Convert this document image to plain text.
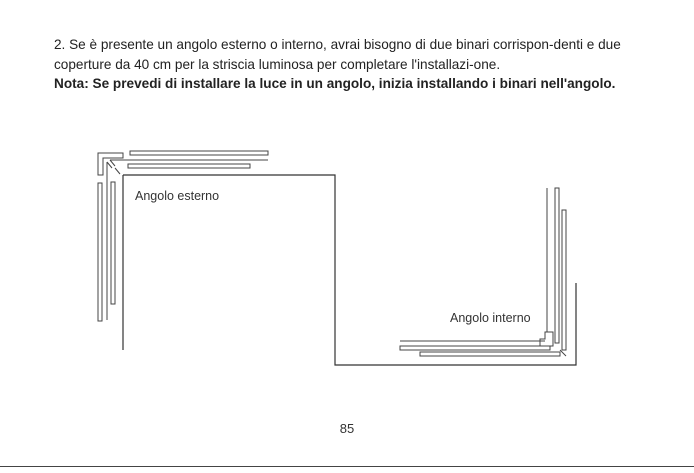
2. Se è presente un angolo esterno o interno, avrai bisogno di due binari corrispon-denti e due coperture da 40 cm per la striscia luminosa per completare l'installazi-one.

Nota: Se prevedi di installare la luce in un angolo, inizia installando i binari nell'angolo.

Angolo esterno
Angolo interno
85
